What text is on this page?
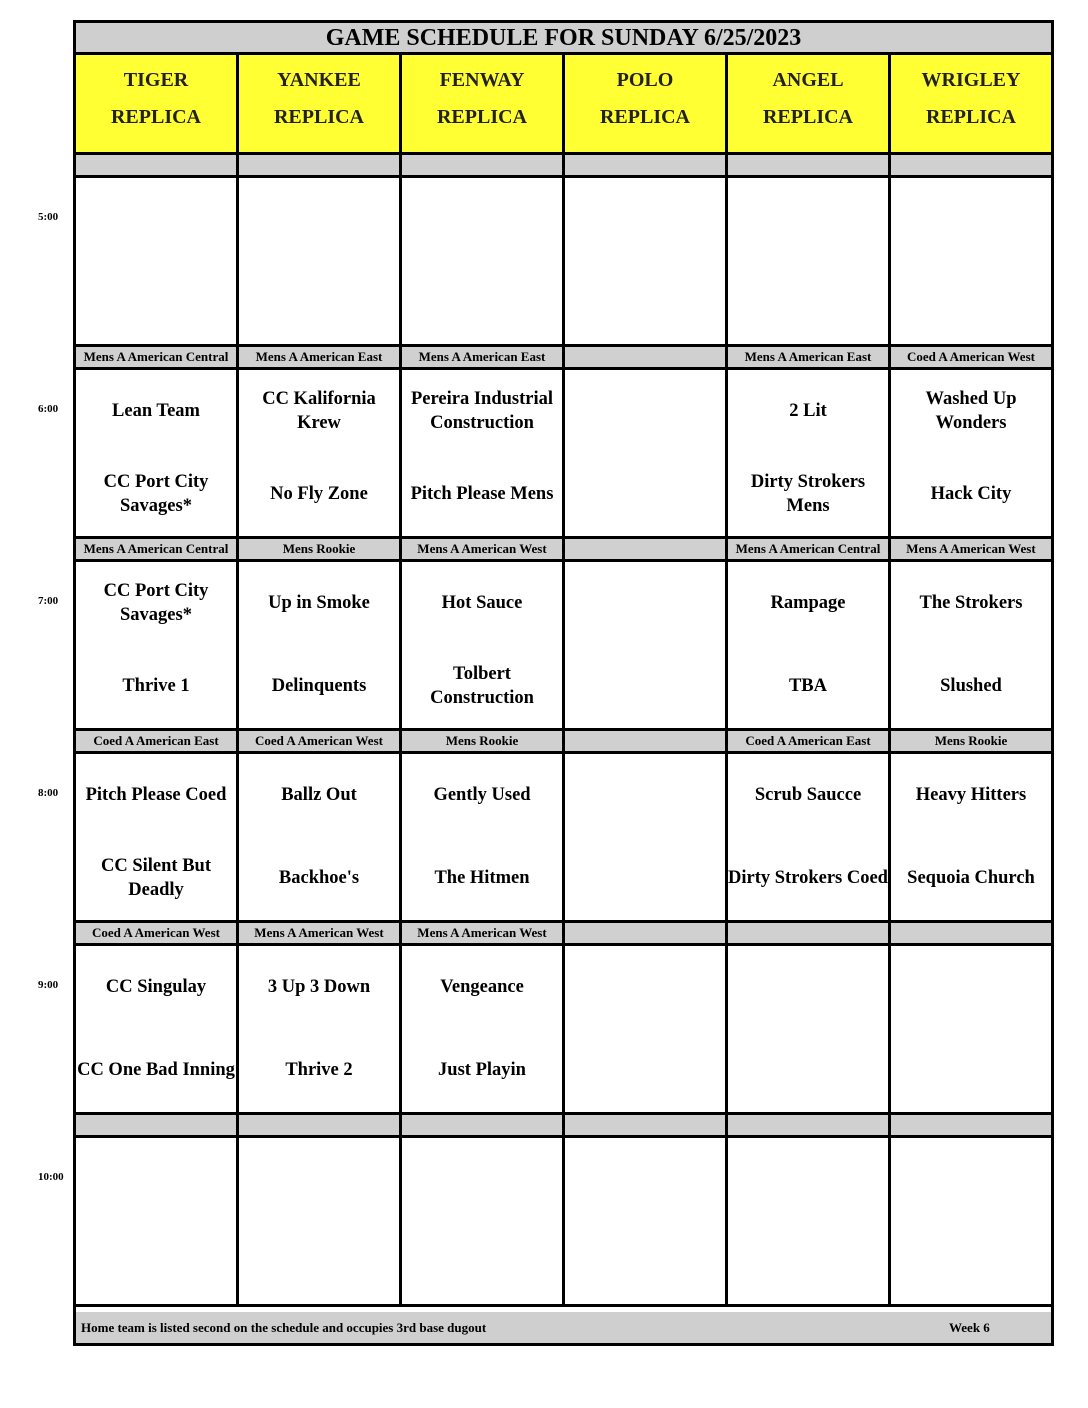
5:00
6:00
7:00
8:00
9:00
10:00
GAME SCHEDULE FOR SUNDAY 6/25/2023
TIGER
REPLICA
YANKEE
REPLICA
FENWAY
REPLICA
POLO
REPLICA
ANGEL
REPLICA
WRIGLEY
REPLICA
Mens A American Central
Lean Team
CC Port City Savages*
Mens A American East
CC Kalifornia Krew
No Fly Zone
Mens A American East
Pereira Industrial Construction
Pitch Please Mens
Mens A American East
2 Lit
Dirty Strokers Mens
Coed A American West
Washed Up Wonders
Hack City
Mens A American Central
CC Port City Savages*
Thrive 1
Mens Rookie
Up in Smoke
Delinquents
Mens A American West
Hot Sauce
Tolbert Construction
Mens A American Central
Rampage
TBA
Mens A American West
The Strokers
Slushed
Coed A American East
Pitch Please Coed
CC Silent But Deadly
Coed A American West
Ballz Out
Backhoe's
Mens Rookie
Gently Used
The Hitmen
Coed A American East
Scrub Saucce
Dirty Strokers Coed
Mens Rookie
Heavy Hitters
Sequoia Church
Coed A American West
CC Singulay
CC One Bad Inning
Mens A American West
3 Up 3 Down
Thrive 2
Mens A American West
Vengeance
Just Playin
Home team is listed second on the schedule and occupies 3rd base dugout	Week 6
